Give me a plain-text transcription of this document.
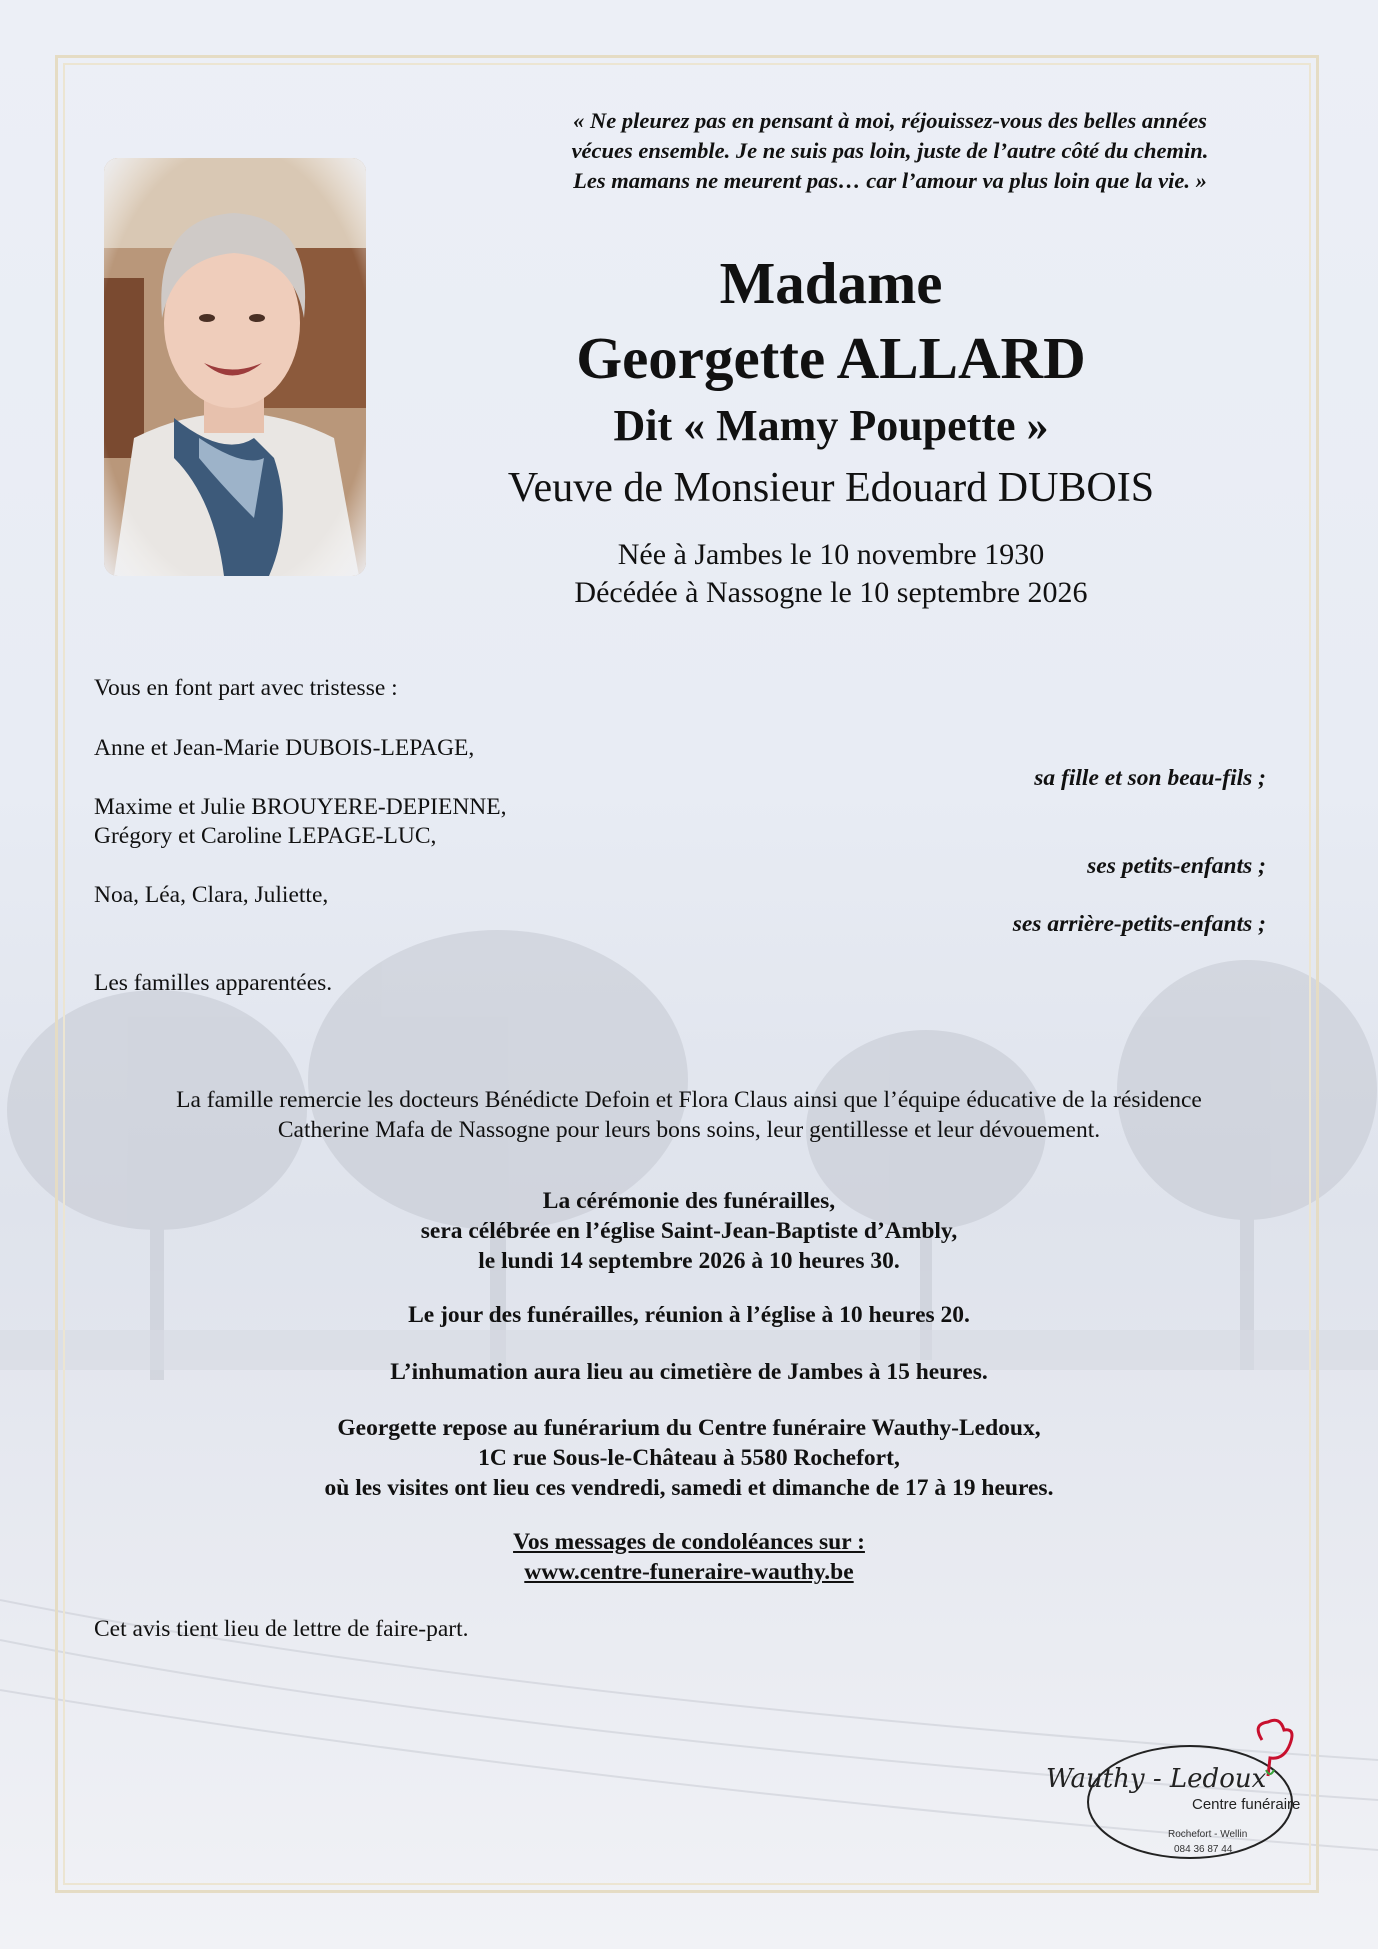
« Ne pleurez pas en pensant à moi, réjouissez-vous des belles années
vécues ensemble. Je ne suis pas loin, juste de l’autre côté du chemin.
Les mamans ne meurent pas… car l’amour va plus loin que la vie. »
Madame
Georgette ALLARD
Dit « Mamy Poupette »
Veuve de Monsieur Edouard DUBOIS
Née à Jambes le 10 novembre 1930
Décédée à Nassogne le 10 septembre 2026
Vous en font part avec tristesse :
Anne et Jean-Marie DUBOIS-LEPAGE,
sa fille et son beau-fils ;
Maxime et Julie BROUYERE-DEPIENNE,
Grégory et Caroline LEPAGE-LUC,
ses petits-enfants ;
Noa, Léa, Clara, Juliette,
ses arrière-petits-enfants ;
Les familles apparentées.
La famille remercie les docteurs Bénédicte Defoin et Flora Claus ainsi que l’équipe éducative de la résidence
Catherine Mafa de Nassogne pour leurs bons soins, leur gentillesse et leur dévouement.
La cérémonie des funérailles,
sera célébrée en l’église Saint-Jean-Baptiste d’Ambly,
le lundi 14 septembre 2026 à 10 heures 30.
Le jour des funérailles, réunion à l’église à 10 heures 20.
L’inhumation aura lieu au cimetière de Jambes à 15 heures.
Georgette repose au funérarium du Centre funéraire Wauthy-Ledoux,
1C rue Sous-le-Château à 5580 Rochefort,
où les visites ont lieu ces vendredi, samedi et dimanche de 17 à 19 heures.
Vos messages de condoléances sur :
www.centre-funeraire-wauthy.be
Cet avis tient lieu de lettre de faire-part.
Wauthy - Ledoux
Centre funéraire
Rochefort - Wellin
084 36 87 44
